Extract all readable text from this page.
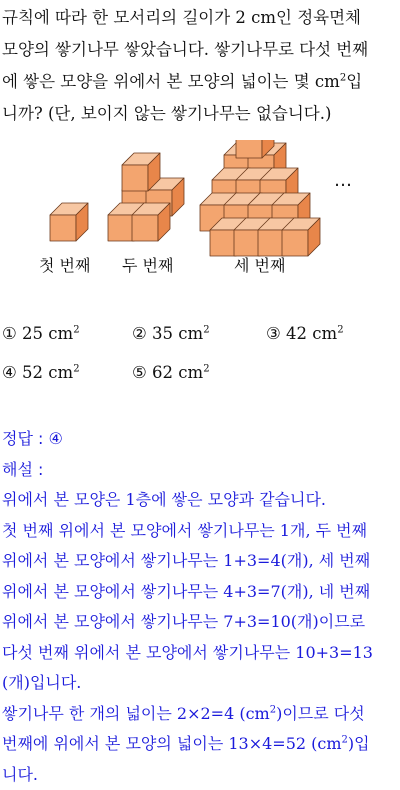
규칙에 따라 한 모서리의 길이가 2 cm인 정육면체

모양의 쌓기나무 쌓았습니다. 쌓기나무로 다섯 번째

에 쌓은 모양을 위에서 본 모양의 넓이는 몇 $cm^2$입

니까? (단, 보이지 않는 쌓기나무는 없습니다.)

첫 번째 두 번째	세 번째
…
① 25 $cm^2$	② 35 $cm^2$	③ 42 $cm^2$
④ 52 $cm^2$	⑤ 62 $cm^2$

정답 : ④

해설 :

위에서 본 모양은 1층에 쌓은 모양과 같습니다.

첫 번째 위에서 본 모양에서 쌓기나무는 1개, 두 번째

위에서 본 모양에서 쌓기나무는 1+3=4(개), 세 번째

위에서 본 모양에서 쌓기나무는 4+3=7(개), 네 번째

위에서 본 모양에서 쌓기나무는 7+3=10(개)이므로

다섯 번째 위에서 본 모양에서 쌓기나무는 10+3=13

(개)입니다.

쌓기나무 한 개의 넓이는 2×2=4 $(cm^2)$이므로 다섯

번째에 위에서 본 모양의 넓이는 13×4=52 $(cm^2)$입

니다.
